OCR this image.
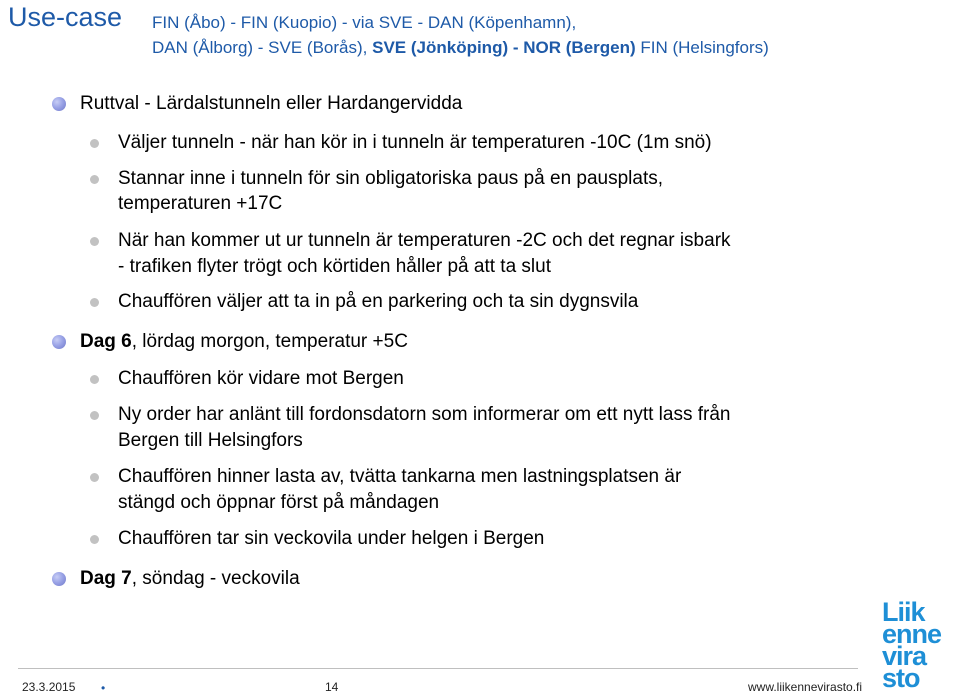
Use-case FIN (Åbo) - FIN (Kuopio) - via SVE - DAN (Köpenhamn),
DAN (Ålborg) - SVE (Borås), SVE (Jönköping) - NOR (Bergen) FIN (Helsingfors)
Ruttval - Lärdalstunneln eller Hardangervidda
Väljer tunneln - när han kör in i tunneln är temperaturen -10C (1m snö)
Stannar inne i tunneln för sin obligatoriska paus på en pausplats,
temperaturen +17C
När han kommer ut ur tunneln är temperaturen -2C och det regnar isbark
- trafiken flyter trögt och körtiden håller på att ta slut
Chauffören väljer att ta in på en parkering och ta sin dygnsvila
Dag 6, lördag morgon, temperatur +5C
Chauffören kör vidare mot Bergen
Ny order har anlänt till fordonsdatorn som informerar om ett nytt lass från
Bergen till Helsingfors
Chauffören hinner lasta av, tvätta tankarna men lastningsplatsen är
stängd och öppnar först på måndagen
Chauffören tar sin veckovila under helgen i Bergen
Dag 7, söndag - veckovila
23.3.2015 •	14	www.liikennevirasto.fi
Liik
enne
vira
sto
